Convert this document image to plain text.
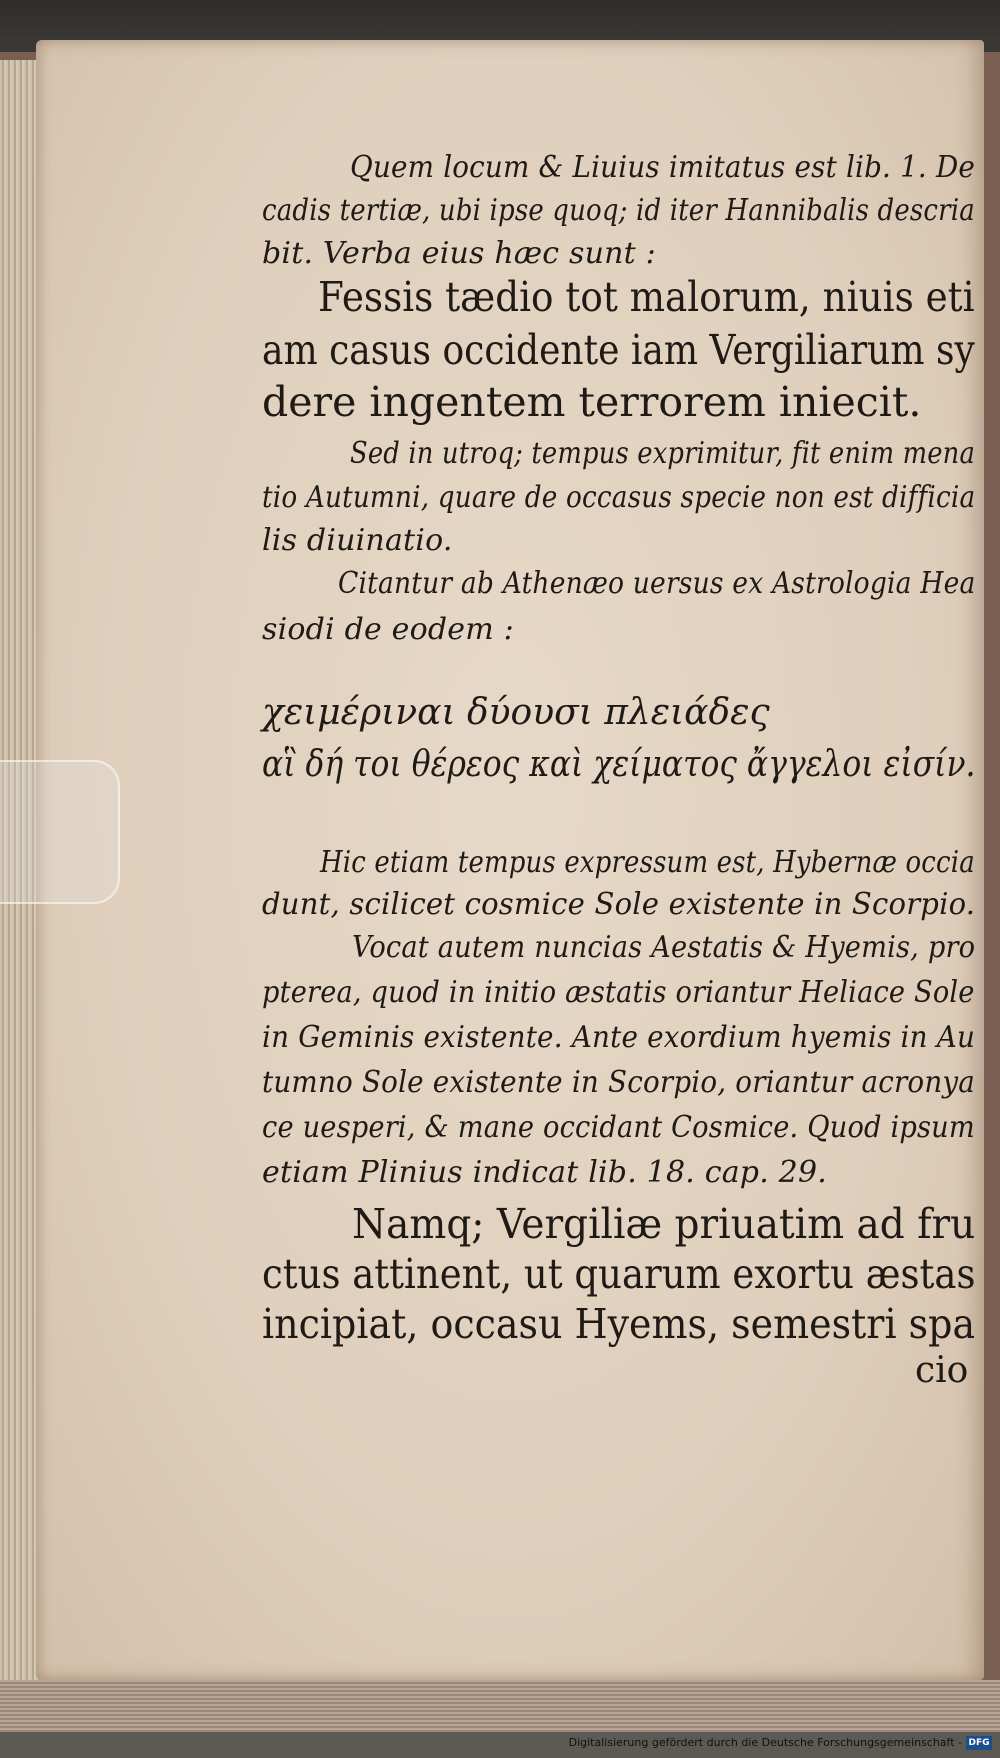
Quem locum & Liuius imitatus est lib. 1. De
cadis tertiæ, ubi ipse quoq; id iter Hannibalis descria
bit. Verba eius hæc sunt :
Fessis tædio tot malorum, niuis eti
am casus occidente iam Vergiliarum sy
dere ingentem terrorem iniecit.
Sed in utroq; tempus exprimitur, fit enim mena
tio Autumni, quare de occasus specie non est difficia
lis diuinatio.
Citantur ab Athenæo uersus ex Astrologia Hea
siodi de eodem :
χειμέριναι δύουσι πλειάδες
αἳ δή τοι θέρεος καὶ χείματος ἄγγελοι εἰσίν.
Hic etiam tempus expressum est, Hybernæ occia
dunt, scilicet cosmice Sole existente in Scorpio.
Vocat autem nuncias Aestatis & Hyemis, pro
pterea, quod in initio æstatis oriantur Heliace Sole
in Geminis existente. Ante exordium hyemis in Au
tumno Sole existente in Scorpio, oriantur acronya
ce uesperi, & mane occidant Cosmice. Quod ipsum
etiam Plinius indicat lib. 18. cap. 29.
Namq; Vergiliæ priuatim ad fru
ctus attinent, ut quarum exortu æstas
incipiat, occasu Hyems, semestri spa
cio
Digitalisierung gefördert durch die Deutsche Forschungsgemeinschaft - DFG
